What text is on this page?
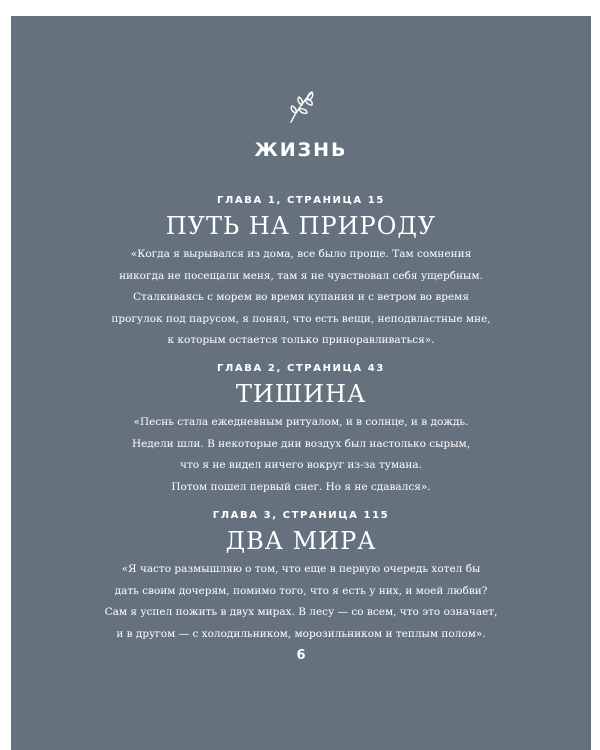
ЖИЗНЬ
ГЛАВА 1, СТРАНИЦА 15
ПУТЬ НА ПРИРОДУ
«Когда я вырывался из дома, все было проще. Там сомнения
никогда не посещали меня, там я не чувствовал себя ущербным.
Сталкиваясь с морем во время купания и с ветром во время
прогулок под парусом, я понял, что есть вещи, неподвластные мне,
к которым остается только приноравливаться».
ГЛАВА 2, СТРАНИЦА 43
ТИШИНА
«Песнь стала ежедневным ритуалом, и в солнце, и в дождь.
Недели шли. В некоторые дни воздух был настолько сырым,
что я не видел ничего вокруг из-за тумана.
Потом пошел первый снег. Но я не сдавался».
ГЛАВА 3, СТРАНИЦА 115
ДВА МИРА
«Я часто размышляю о том, что еще в первую очередь хотел бы
дать своим дочерям, помимо того, что я есть у них, и моей любви?
Сам я успел пожить в двух мирах. В лесу — со всем, что это означает,
и в другом — с холодильником, морозильником и теплым полом».
6
